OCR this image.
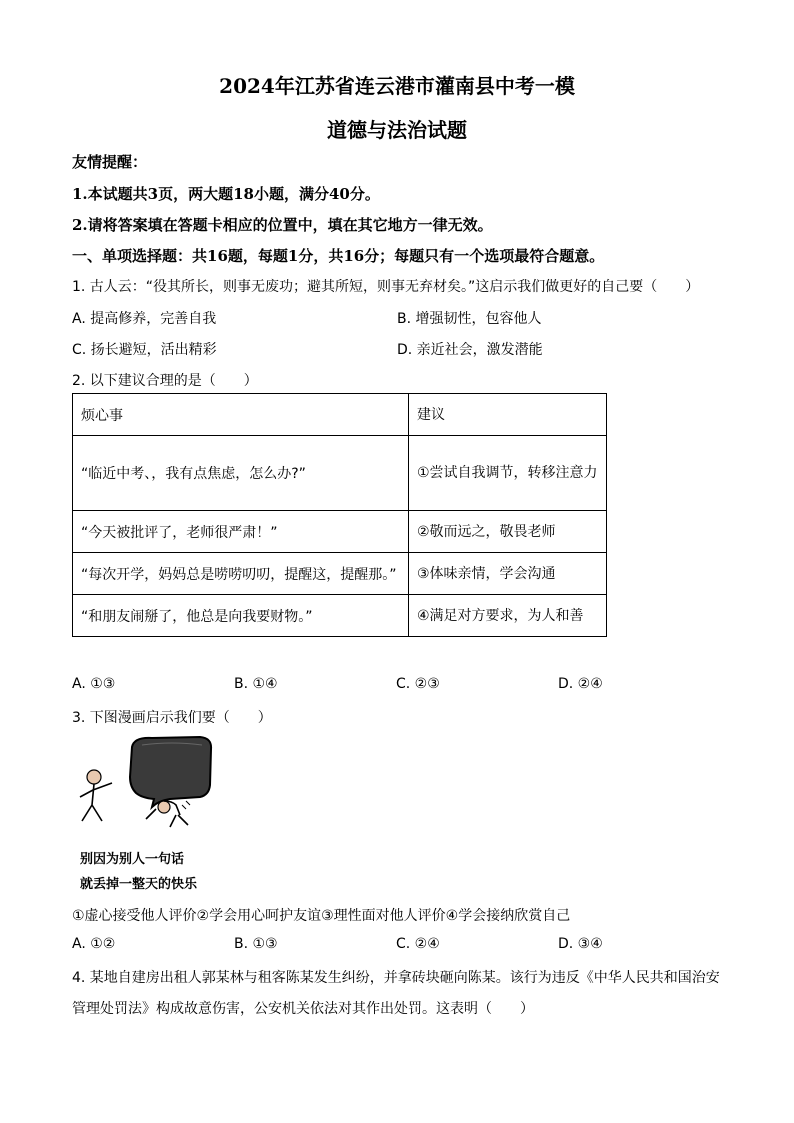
2024年江苏省连云港市灌南县中考一模
道德与法治试题
友情提醒：
1.本试题共3页，两大题18小题，满分40分。
2.请将答案填在答题卡相应的位置中，填在其它地方一律无效。
一、单项选择题：共16题，每题1分，共16分；每题只有一个选项最符合题意。
1. 古人云：“役其所长，则事无废功；避其所短，则事无弃材矣。”这启示我们做更好的自己要（　　）
A. 提高修养，完善自我	B. 增强韧性，包容他人
C. 扬长避短，活出精彩	D. 亲近社会，激发潜能
2. 以下建议合理的是（　　）
烦心事	建议
“临近中考、，我有点焦虑，怎么办?”	①尝试自我调节，转移注意力
“今天被批评了，老师很严肃！”	②敬而远之，敬畏老师
“每次开学，妈妈总是唠唠叨叨，提醒这，提醒那。”	③体味亲情，学会沟通
“和朋友闹掰了，他总是向我要财物。”	④满足对方要求，为人和善
A. ①③	B. ①④	C. ②③	D. ②④
3. 下图漫画启示我们要（　　）
别因为别人一句话
就丢掉一整天的快乐
①虚心接受他人评价②学会用心呵护友谊③理性面对他人评价④学会接纳欣赏自己
A. ①②	B. ①③	C. ②④	D. ③④
4. 某地自建房出租人郭某林与租客陈某发生纠纷，并拿砖块砸向陈某。该行为违反《中华人民共和国治安
管理处罚法》构成故意伤害，公安机关依法对其作出处罚。这表明（　　）
